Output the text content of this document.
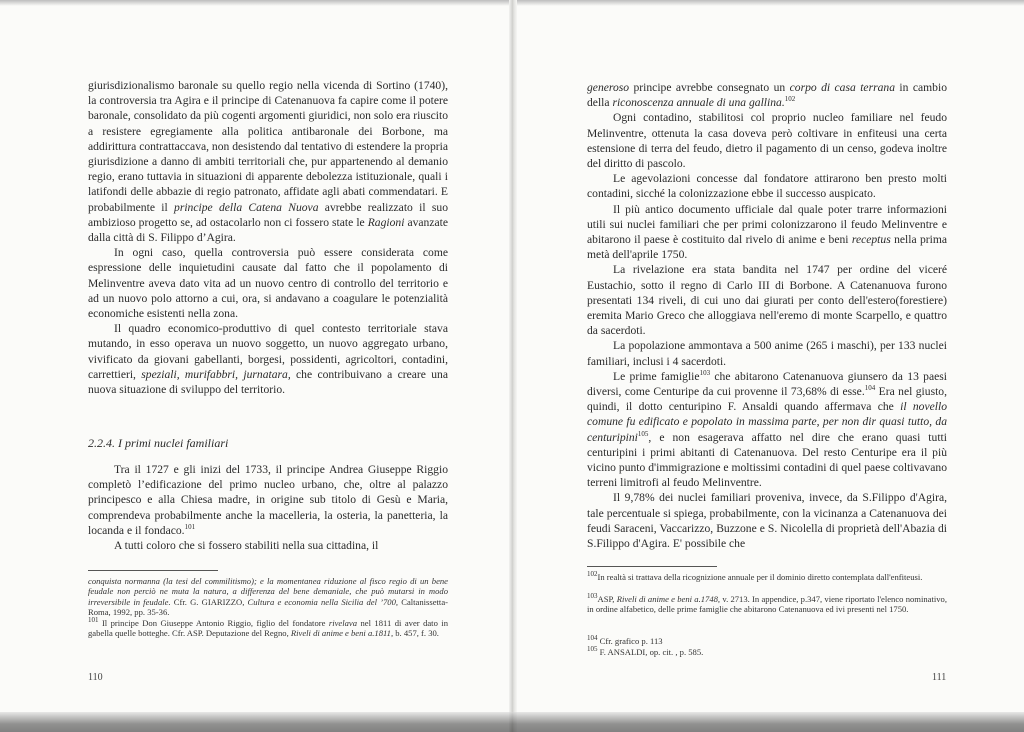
giurisdizionalismo baronale su quello regio nella vicenda di Sortino (1740), la controversia tra Agira e il principe di Catenanuova fa capire come il potere baronale, consolidato da più cogenti argomenti giuridici, non solo era riuscito a resistere egregiamente alla politica antibaronale dei Borbone, ma addirittura contrattaccava, non desistendo dal tentativo di estendere la propria giurisdizione a danno di ambiti territoriali che, pur appartenendo al demanio regio, erano tuttavia in situazioni di apparente debolezza istituzionale, quali i latifondi delle abbazie di regio patronato, affidate agli abati commendatari. E probabilmente il principe della Catena Nuova avrebbe realizzato il suo ambizioso progetto se, ad ostacolarlo non ci fossero state le Ragioni avanzate dalla città di S. Filippo d’Agira.

In ogni caso, quella controversia può essere considerata come espressione delle inquietudini causate dal fatto che il popolamento di Melinventre aveva dato vita ad un nuovo centro di controllo del territorio e ad un nuovo polo attorno a cui, ora, si andavano a coagulare le potenzialità economiche esistenti nella zona.

Il quadro economico-produttivo di quel contesto territoriale stava mutando, in esso operava un nuovo soggetto, un nuovo aggregato urbano, vivificato da giovani gabellanti, borgesi, possidenti, agricoltori, contadini, carrettieri, speziali, murifabbri, jurnatara, che contribuivano a creare una nuova situazione di sviluppo del territorio.

2.2.4. I primi nuclei familiari

Tra il 1727 e gli inizi del 1733, il principe Andrea Giuseppe Riggio completò l’edificazione del primo nucleo urbano, che, oltre al palazzo principesco e alla Chiesa madre, in origine sub titolo di Gesù e Maria, comprendeva probabilmente anche la macelleria, la osteria, la panetteria, la locanda e il fondaco.$^{101}$

A tutti coloro che si fossero stabiliti nella sua cittadina, il

conquista normanna (la tesi del commilitismo); e la momentanea riduzione al fisco regio di un bene feudale non perciò ne muta la natura, a differenza del bene demaniale, che può mutarsi in modo irreversibile in feudale. Cfr. G. GIARIZZO, Cultura e economia nella Sicilia del ’700, Caltanissetta-Roma, 1992, pp. 35-36.
$^{101}$ Il principe Don Giuseppe Antonio Riggio, figlio del fondatore rivelava nel 1811 di aver dato in gabella quelle botteghe. Cfr. ASP. Deputazione del Regno, Riveli di anime e beni a.1811, b. 457, f. 30.
110

generoso principe avrebbe consegnato un corpo di casa terrana in cambio della riconoscenza annuale di una gallina.$^{102}$

Ogni contadino, stabilitosi col proprio nucleo familiare nel feudo Melinventre, ottenuta la casa doveva però coltivare in enfiteusi una certa estensione di terra del feudo, dietro il pagamento di un censo, godeva inoltre del diritto di pascolo.

Le agevolazioni concesse dal fondatore attirarono ben presto molti contadini, sicché la colonizzazione ebbe il successo auspicato.

Il più antico documento ufficiale dal quale poter trarre informazioni utili sui nuclei familiari che per primi colonizzarono il feudo Melinventre e abitarono il paese è costituito dal rivelo di anime e beni receptus nella prima metà dell'aprile 1750.

La rivelazione era stata bandita nel 1747 per ordine del viceré Eustachio, sotto il regno di Carlo III di Borbone. A Catenanuova furono presentati 134 riveli, di cui uno dai giurati per conto dell'estero(forestiere) eremita Mario Greco che alloggiava nell'eremo di monte Scarpello, e quattro da sacerdoti.

La popolazione ammontava a 500 anime (265 i maschi), per 133 nuclei familiari, inclusi i 4 sacerdoti.

Le prime famiglie$^{103}$ che abitarono Catenanuova giunsero da 13 paesi diversi, come Centuripe da cui provenne il 73,68% di esse.$^{104}$ Era nel giusto, quindi, il dotto centuripino F. Ansaldi quando affermava che il novello comune fu edificato e popolato in massima parte, per non dir quasi tutto, da centuripini$^{105}$, e non esagerava affatto nel dire che erano quasi tutti centuripini i primi abitanti di Catenanuova. Del resto Centuripe era il più vicino punto d'immigrazione e moltissimi contadini di quel paese coltivavano terreni limitrofi al feudo Melinventre.

Il 9,78% dei nuclei familiari proveniva, invece, da S.Filippo d'Agira, tale percentuale si spiega, probabilmente, con la vicinanza a Catenanuova dei feudi Saraceni, Vaccarizzo, Buzzone e S. Nicolella di proprietà dell'Abazia di S.Filippo d'Agira. E' possibile che

$^{102}$In realtà si trattava della ricognizione annuale per il dominio diretto contemplata dall'enfiteusi.
$^{103}$ASP, Riveli di anime e beni a.1748, v. 2713. In appendice, p.347, viene riportato l'elenco nominativo, in ordine alfabetico, delle prime famiglie che abitarono Catenanuova ed ivi presenti nel 1750.
$^{104}$ Cfr. grafico p. 113
$^{105}$ F. ANSALDI, op. cit. , p. 585.
111
